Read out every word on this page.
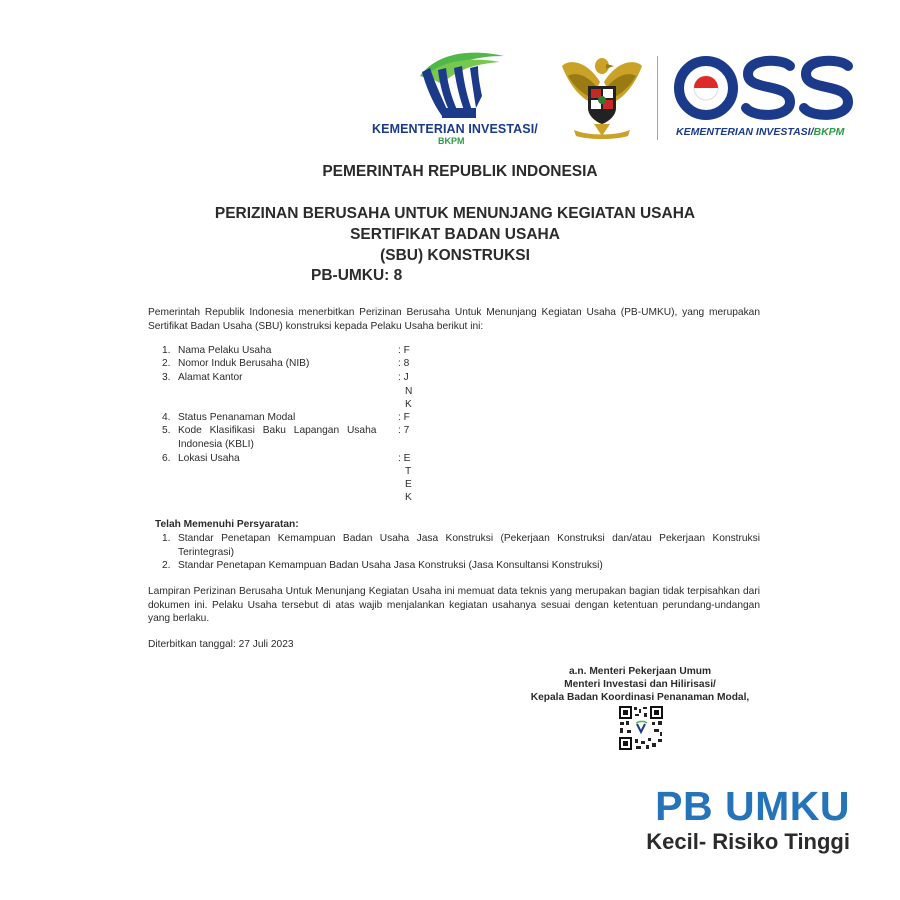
KEMENTERIAN INVESTASI/
BKPM
KEMENTERIAN INVESTASI/BKPM
PEMERINTAH REPUBLIK INDONESIA
PERIZINAN BERUSAHA UNTUK MENUNJANG KEGIATAN USAHA
SERTIFIKAT BADAN USAHA
(SBU) KONSTRUKSI
PB-UMKU: 8
Pemerintah Republik Indonesia menerbitkan Perizinan Berusaha Untuk Menunjang Kegiatan Usaha (PB-UMKU), yang merupakan Sertifikat Badan Usaha (SBU) konstruksi kepada Pelaku Usaha berikut ini:
1. Nama Pelaku Usaha	: F
2. Nomor Induk Berusaha (NIB)	: 8
3. Alamat Kantor	: J
N
K
4. Status Penanaman Modal	: F
5. Kode Klasifikasi Baku Lapangan Usaha : 7
Indonesia (KBLI)
6. Lokasi Usaha	: E
T
E
K
Telah Memenuhi Persyaratan:
1. Standar Penetapan Kemampuan Badan Usaha Jasa Konstruksi (Pekerjaan Konstruksi dan/atau Pekerjaan Konstruksi Terintegrasi)
2. Standar Penetapan Kemampuan Badan Usaha Jasa Konstruksi (Jasa Konsultansi Konstruksi)
Lampiran Perizinan Berusaha Untuk Menunjang Kegiatan Usaha ini memuat data teknis yang merupakan bagian tidak terpisahkan dari dokumen ini. Pelaku Usaha tersebut di atas wajib menjalankan kegiatan usahanya sesuai dengan ketentuan perundang-undangan yang berlaku.
Diterbitkan tanggal: 27 Juli 2023
a.n. Menteri Pekerjaan Umum
Menteri Investasi dan Hilirisasi/
Kepala Badan Koordinasi Penanaman Modal,
PB UMKU
Kecil- Risiko Tinggi
